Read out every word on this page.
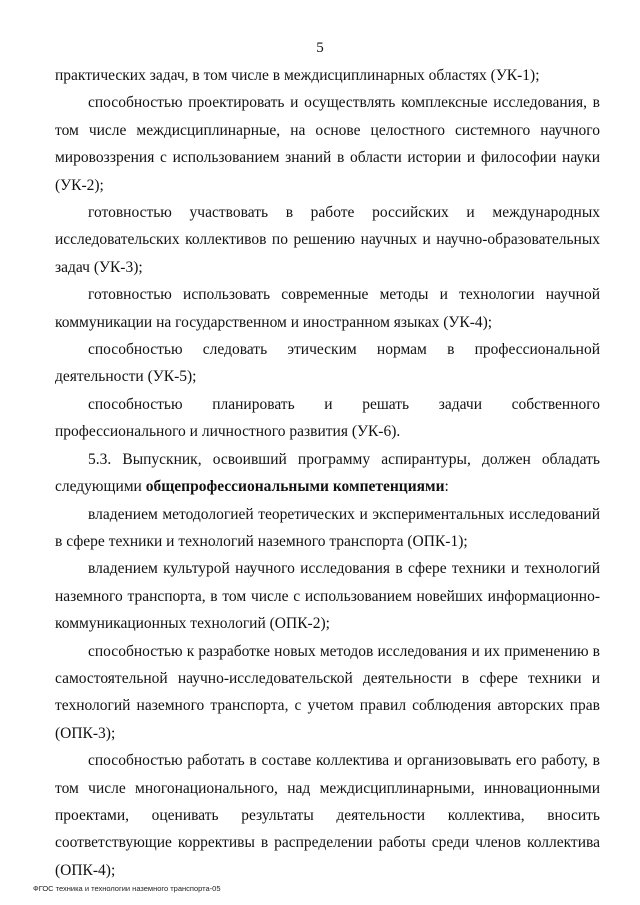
5

практических задач, в том числе в междисциплинарных областях (УК-1);

способностью проектировать и осуществлять комплексные исследования, в том числе междисциплинарные, на основе целостного системного научного мировоззрения с использованием знаний в области истории и философии науки (УК-2);

готовностью участвовать в работе российских и международных исследовательских коллективов по решению научных и научно-образовательных задач (УК-3);

готовностью использовать современные методы и технологии научной коммуникации на государственном и иностранном языках (УК-4);

способностью следовать этическим нормам в профессиональной деятельности (УК-5);

способностью планировать и решать задачи собственного профессионального и личностного развития (УК-6).

5.3. Выпускник, освоивший программу аспирантуры, должен обладать следующими общепрофессиональными компетенциями:

владением методологией теоретических и экспериментальных исследований в сфере техники и технологий наземного транспорта (ОПК-1);

владением культурой научного исследования в сфере техники и технологий наземного транспорта, в том числе с использованием новейших информационно-коммуникационных технологий (ОПК-2);

способностью к разработке новых методов исследования и их применению в самостоятельной научно-исследовательской деятельности в сфере техники и технологий наземного транспорта, с учетом правил соблюдения авторских прав (ОПК-3);

способностью работать в составе коллектива и организовывать его работу, в том числе многонационального, над междисциплинарными, инновационными проектами, оценивать результаты деятельности коллектива, вносить соответствующие коррективы в распределении работы среди членов коллектива (ОПК-4);

ФГОС техника и технологии наземного транспорта-05
